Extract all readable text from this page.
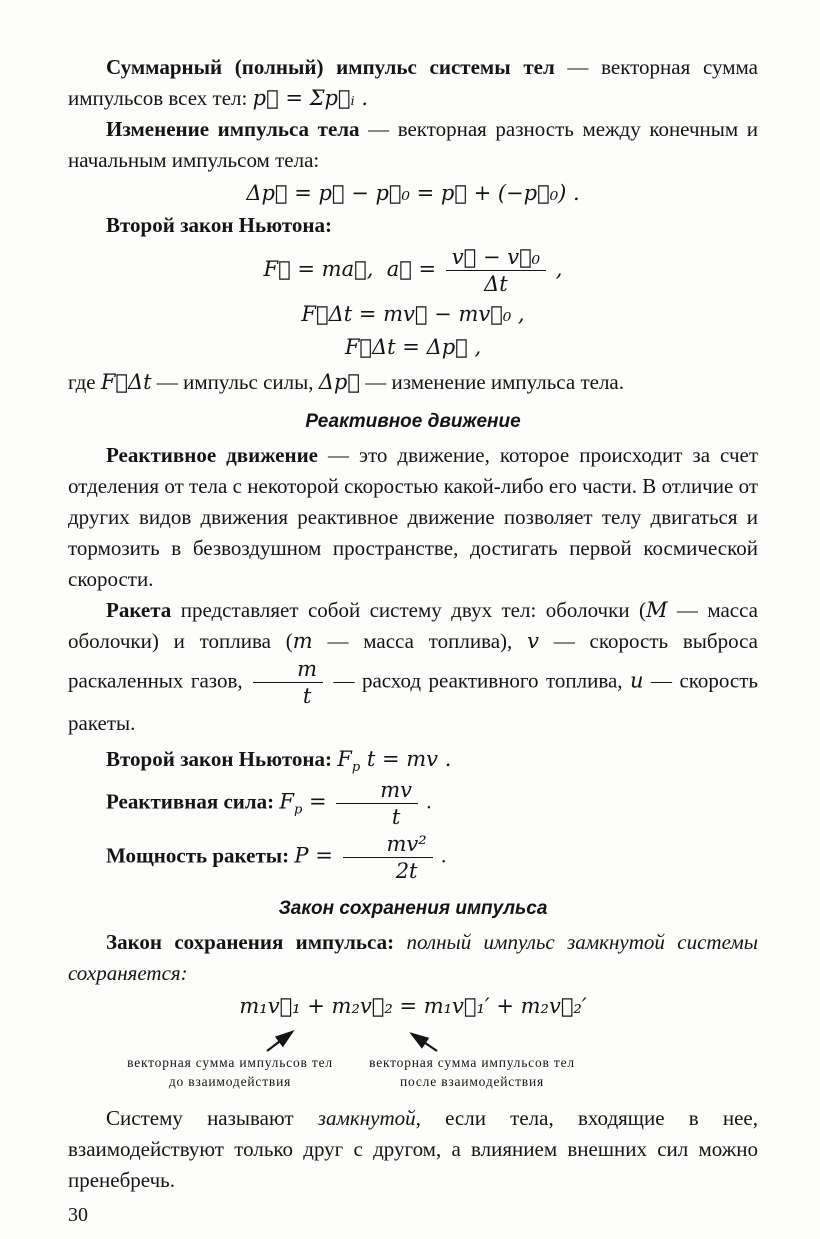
Суммарный (полный) импульс системы тел — векторная сумма импульсов всех тел: p⃗ = Σp⃗ᵢ .

Изменение импульса тела — векторная разность между конечным и начальным импульсом тела:

Δp⃗ = p⃗ − p⃗₀ = p⃗ + (−p⃗₀) .

Второй закон Ньютона:

F⃗ = ma⃗,  a⃗ = $\frac{\text{v⃗ − v⃗₀}}{\Delta t}$ ,

F⃗Δt = mv⃗ − mv⃗₀ ,

F⃗Δt = Δp⃗ ,

где F⃗Δt — импульс силы, Δp⃗ — изменение импульса тела.

Реактивное движение

Реактивное движение — это движение, которое происходит за счет отделения от тела с некоторой скоростью какой-либо его части. В отличие от других видов движения реактивное движение позволяет телу двигаться и тормозить в безвоздушном пространстве, достигать первой космической скорости.

Ракета представляет собой систему двух тел: оболочки (M — масса оболочки) и топлива (m — масса топлива), v — скорость выброса раскаленных газов, $\frac{m}{t}$ — расход реактивного топлива, u — скорость ракеты.

Второй закон Ньютона: $F_р$ t = mv .

Реактивная сила: $F_р = \frac{mv}{t}$ .

Мощность ракеты: $P = \frac{\text{mv²}}{2t}$ .

Закон сохранения импульса

Закон сохранения импульса: полный импульс замкнутой системы сохраняется:

m₁v⃗₁ + m₂v⃗₂ = m₁v⃗₁′ + m₂v⃗₂′

векторная сумма импульсов тел
до взаимодействия
векторная сумма импульсов тел
после взаимодействия

Систему называют замкнутой, если тела, входящие в нее, взаимодействуют только друг с другом, а влиянием внешних сил можно пренебречь.

30
